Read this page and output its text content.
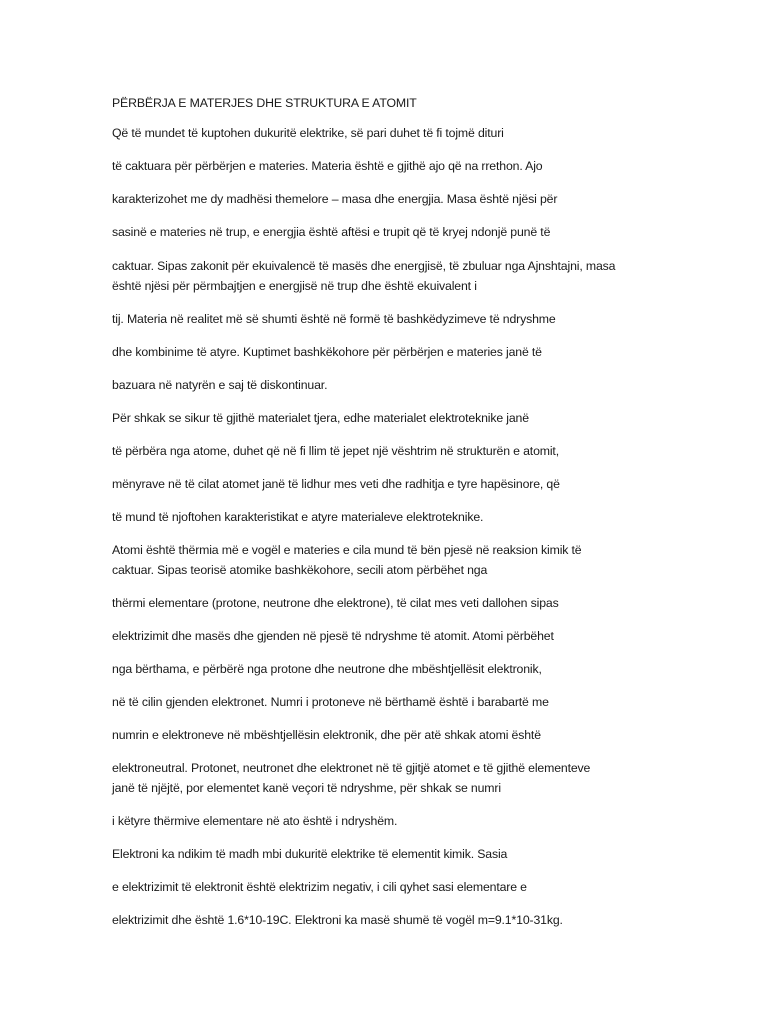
PËRBËRJA E MATERJES DHE STRUKTURA E ATOMIT
Që të mundet të kuptohen dukuritë elektrike, së pari duhet të fi tojmë dituri
të caktuara për përbërjen e materies. Materia është e gjithë ajo që na rrethon. Ajo
karakterizohet me dy madhësi themelore – masa dhe energjia. Masa është njësi për
sasinë e materies në trup, e energjia është aftësi e trupit që të kryej ndonjë punë të
caktuar. Sipas zakonit për ekuivalencë të masës dhe energjisë, të zbuluar nga Ajnshtajni, masa
është njësi për përmbajtjen e energjisë në trup dhe është ekuivalent i
tij. Materia në realitet më së shumti është në formë të bashkëdyzimeve të ndryshme
dhe kombinime të atyre. Kuptimet bashkëkohore për përbërjen e materies janë të
bazuara në natyrën e saj të diskontinuar.
Për shkak se sikur të gjithë materialet tjera, edhe materialet elektroteknike janë
të përbëra nga atome, duhet që në fi llim të jepet një vështrim në strukturën e atomit,
mënyrave në të cilat atomet janë të lidhur mes veti dhe radhitja e tyre hapësinore, që
të mund të njoftohen karakteristikat e atyre materialeve elektroteknike.
Atomi është thërmia më e vogël e materies e cila mund të bën pjesë në reaksion kimik të
caktuar. Sipas teorisë atomike bashkëkohore, secili atom përbëhet nga
thërmi elementare (protone, neutrone dhe elektrone), të cilat mes veti dallohen sipas
elektrizimit dhe masës dhe gjenden në pjesë të ndryshme të atomit. Atomi përbëhet
nga bërthama, e përbërë nga protone dhe neutrone dhe mbështjellësit elektronik,
në të cilin gjenden elektronet. Numri i protoneve në bërthamë është i barabartë me
numrin e elektroneve në mbështjellësin elektronik, dhe për atë shkak atomi është
elektroneutral. Protonet, neutronet dhe elektronet në të gjitjë atomet e të gjithë elementeve
janë të njëjtë, por elementet kanë veçori të ndryshme, për shkak se numri
i këtyre thërmive elementare në ato është i ndryshëm.
Elektroni ka ndikim të madh mbi dukuritë elektrike të elementit kimik. Sasia
e elektrizimit të elektronit është elektrizim negativ, i cili qyhet sasi elementare e
elektrizimit dhe është 1.6*10-19C. Elektroni ka masë shumë të vogël m=9.1*10-31kg.
